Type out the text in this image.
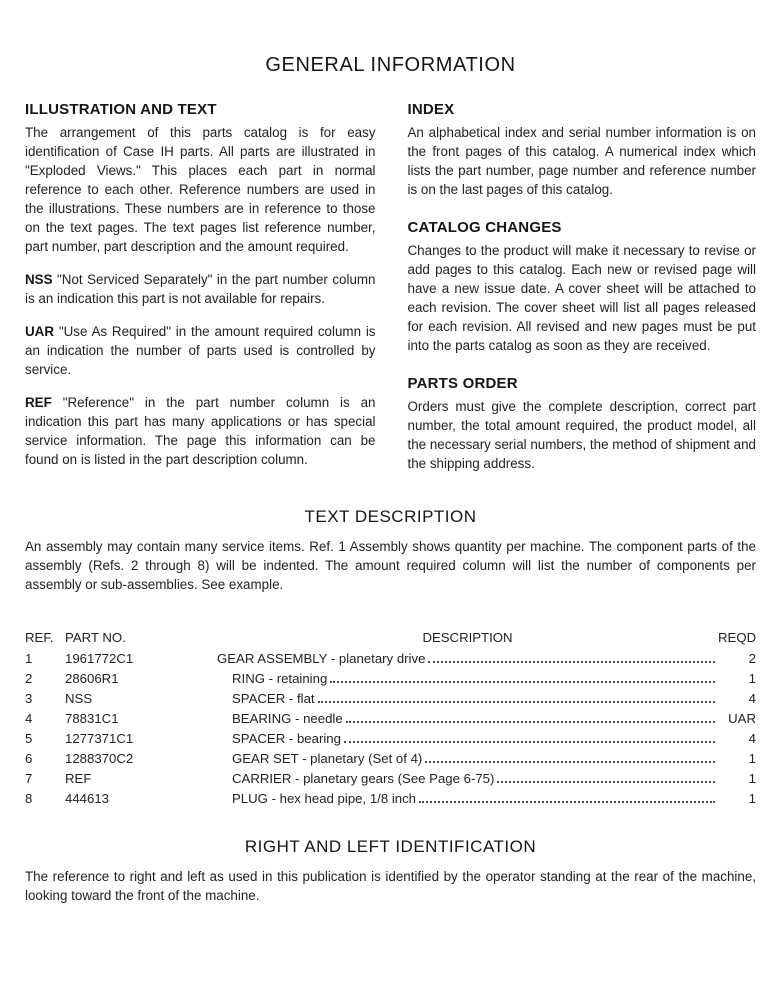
GENERAL INFORMATION
ILLUSTRATION AND TEXT

The arrangement of this parts catalog is for easy identification of Case IH parts. All parts are illustrated in "Exploded Views." This places each part in normal reference to each other. Reference numbers are used in the illustrations. These numbers are in reference to those on the text pages. The text pages list reference number, part number, part description and the amount required.

NSS "Not Serviced Separately" in the part number column is an indication this part is not available for repairs.

UAR "Use As Required" in the amount required column is an indication the number of parts used is controlled by service.

REF "Reference" in the part number column is an indication this part has many applications or has special service information. The page this information can be found on is listed in the part description column.

INDEX

An alphabetical index and serial number information is on the front pages of this catalog. A numerical index which lists the part number, page number and reference number is on the last pages of this catalog.

CATALOG CHANGES

Changes to the product will make it necessary to revise or add pages to this catalog. Each new or revised page will have a new issue date. A cover sheet will be attached to each revision. The cover sheet will list all pages released for each revision. All revised and new pages must be put into the parts catalog as soon as they are received.

PARTS ORDER

Orders must give the complete description, correct part number, the total amount required, the product model, all the necessary serial numbers, the method of shipment and the shipping address.

TEXT DESCRIPTION

An assembly may contain many service items. Ref. 1 Assembly shows quantity per machine. The component parts of the assembly (Refs. 2 through 8) will be indented. The amount required column will list the number of components per assembly or sub-assemblies. See example.

REF. PART NO.	DESCRIPTION	REQD
1	1961772C1	GEAR ASSEMBLY - planetary drive	2
2	28606R1	RING - retaining	1
3	NSS	SPACER - flat	4
4	78831C1	BEARING - needle	UAR
5	1277371C1	SPACER - bearing	4
6	1288370C2	GEAR SET - planetary (Set of 4)	1
7	REF	CARRIER - planetary gears (See Page 6-75)	1
8	444613	PLUG - hex head pipe, 1/8 inch	1
RIGHT AND LEFT IDENTIFICATION

The reference to right and left as used in this publication is identified by the operator standing at the rear of the machine, looking toward the front of the machine.
